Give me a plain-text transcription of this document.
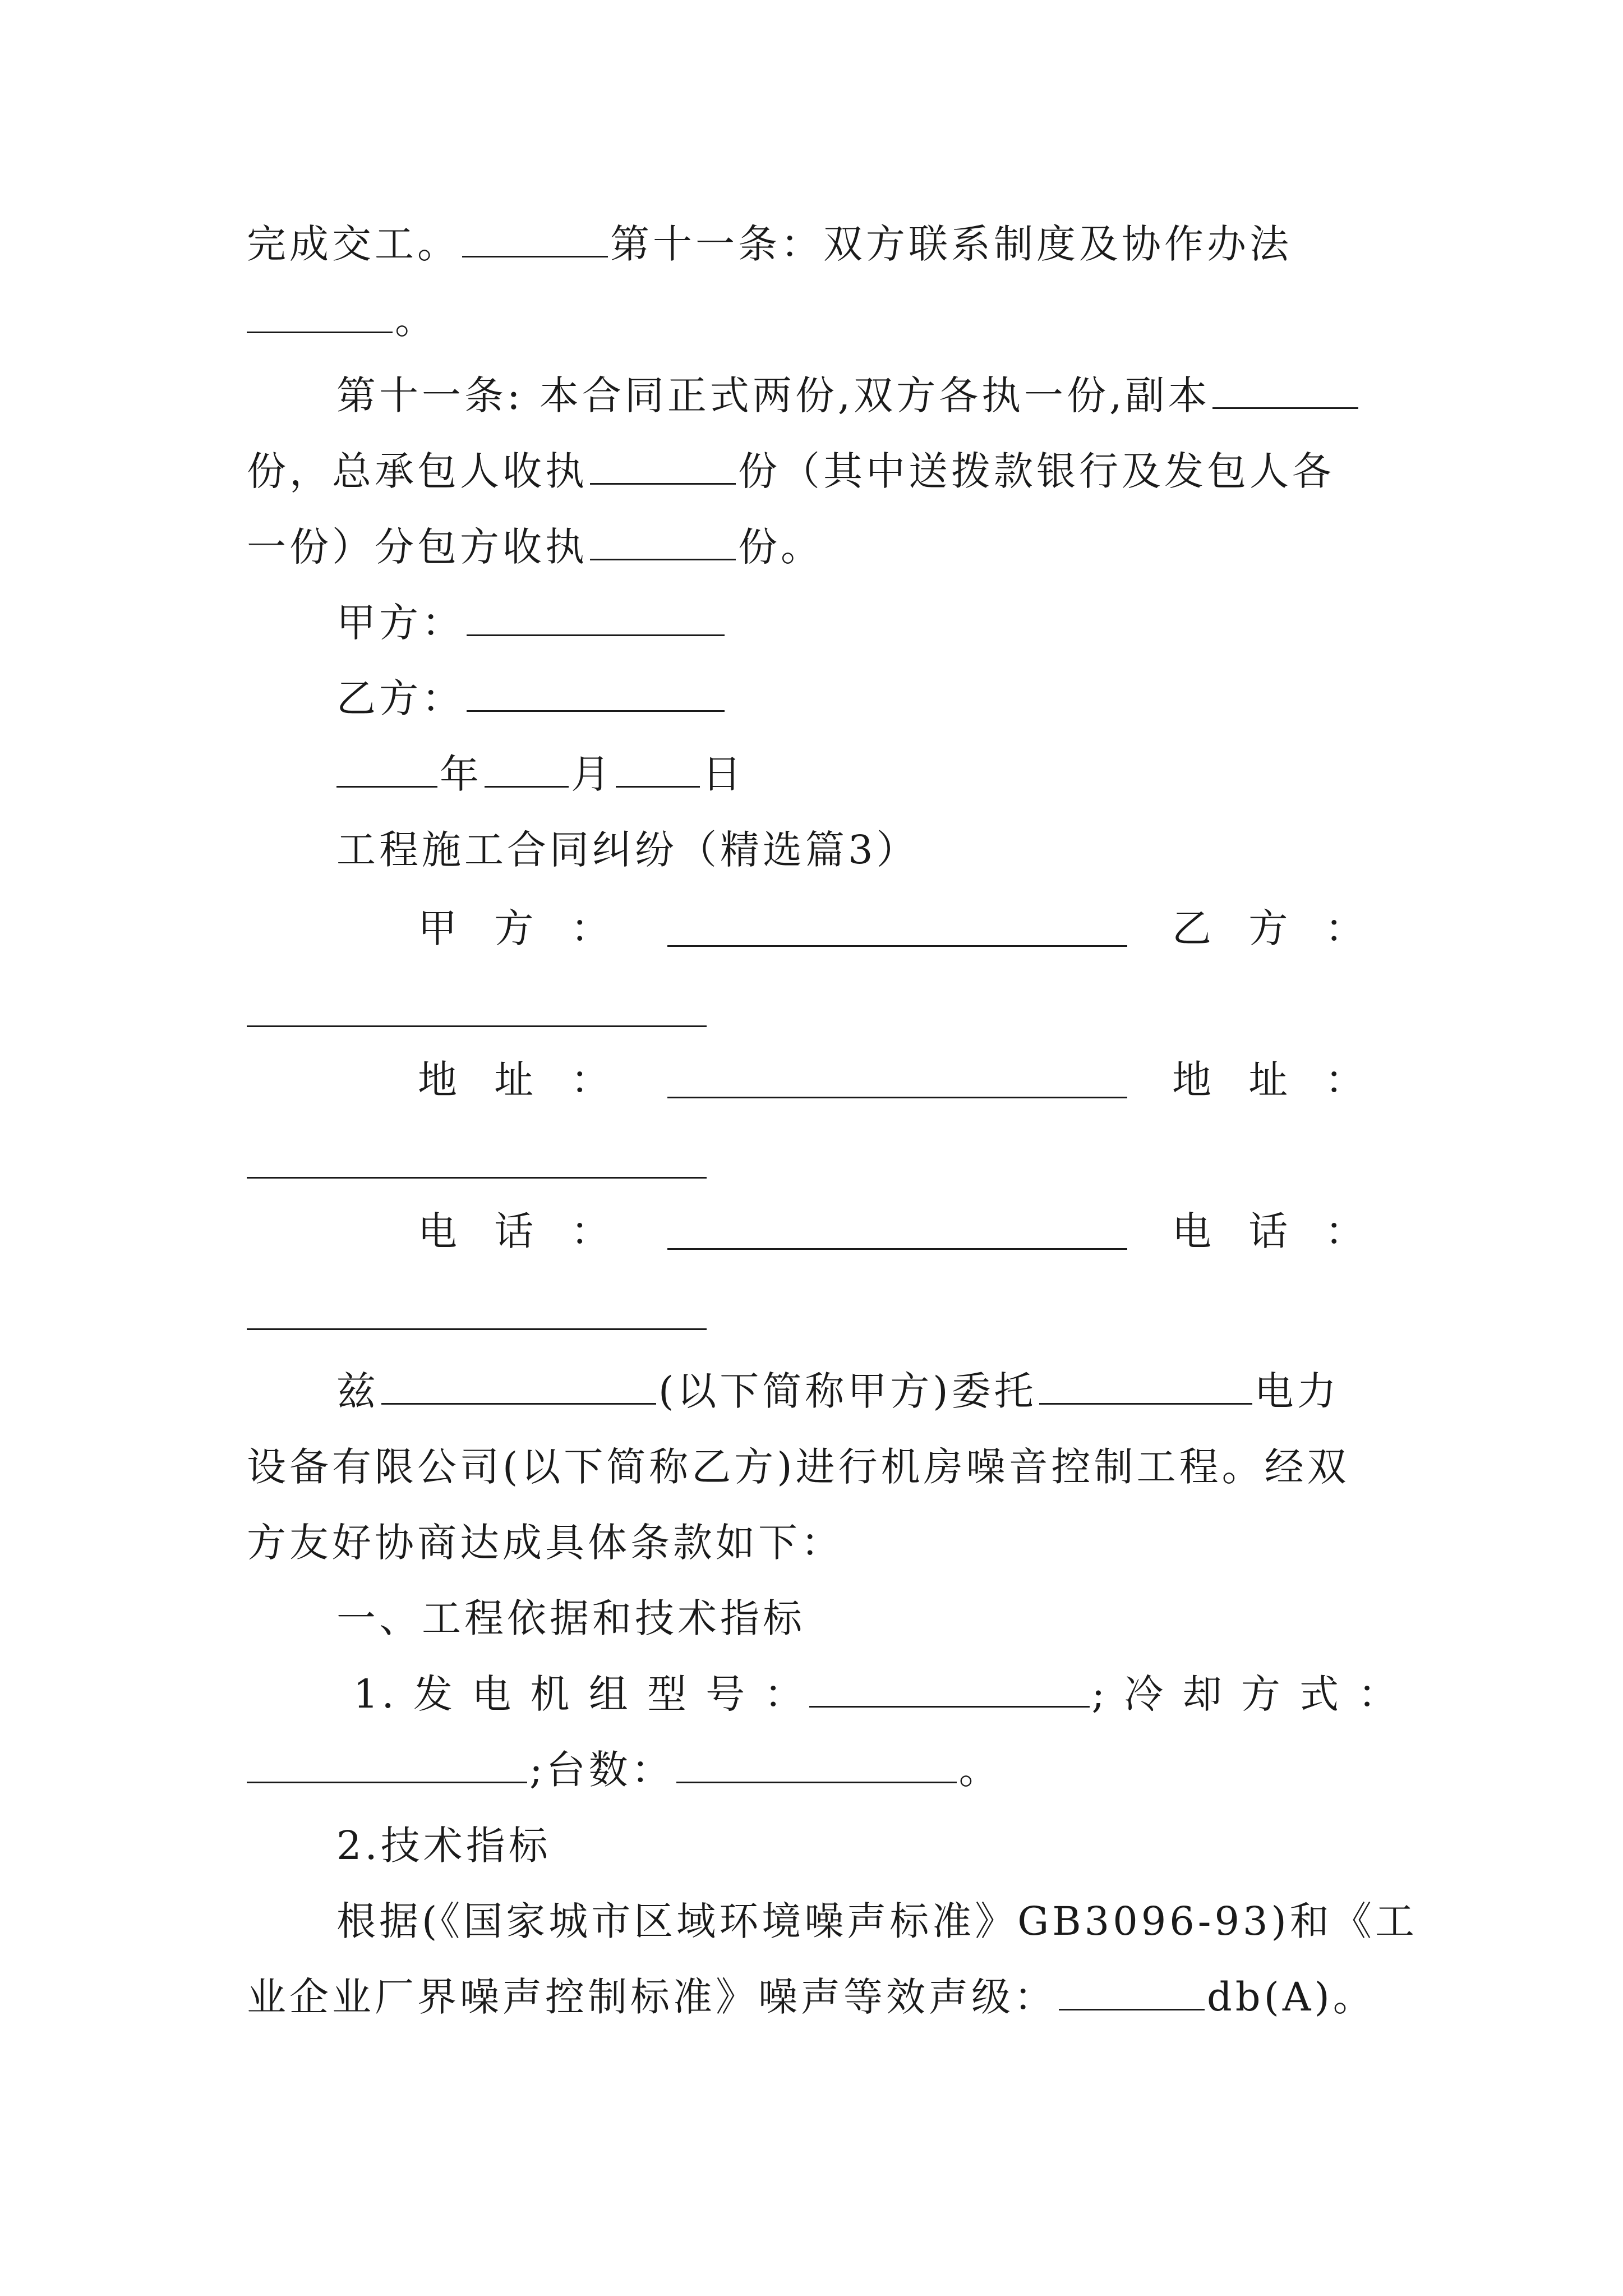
完成交工。	第十一条：双方联系制度及协作办法
。
第十一条: 本合同正式两份,双方各执一份,副本
份，总承包人收执	份（其中送拨款银行及发包人各
一份）分包方收执	份。
甲方：
乙方：
年 月 日
工程施工合同纠纷（精选篇3）
甲 方 ：	乙 方 ：
地 址 ：	地 址 ：
电 话 ：	电 话 ：
兹	(以下简称甲方)委托	电力
设备有限公司(以下简称乙方)进行机房噪音控制工程。经双
方友好协商达成具体条款如下：
一、工程依据和技术指标
1. 发 电 机 组 型 号 ：	; 冷 却 方 式 ：
;台数：	。
2.技术指标
根据(《国家城市区域环境噪声标准》GB3096-93)和《工
业企业厂界噪声控制标准》噪声等效声级：	db(A)。
